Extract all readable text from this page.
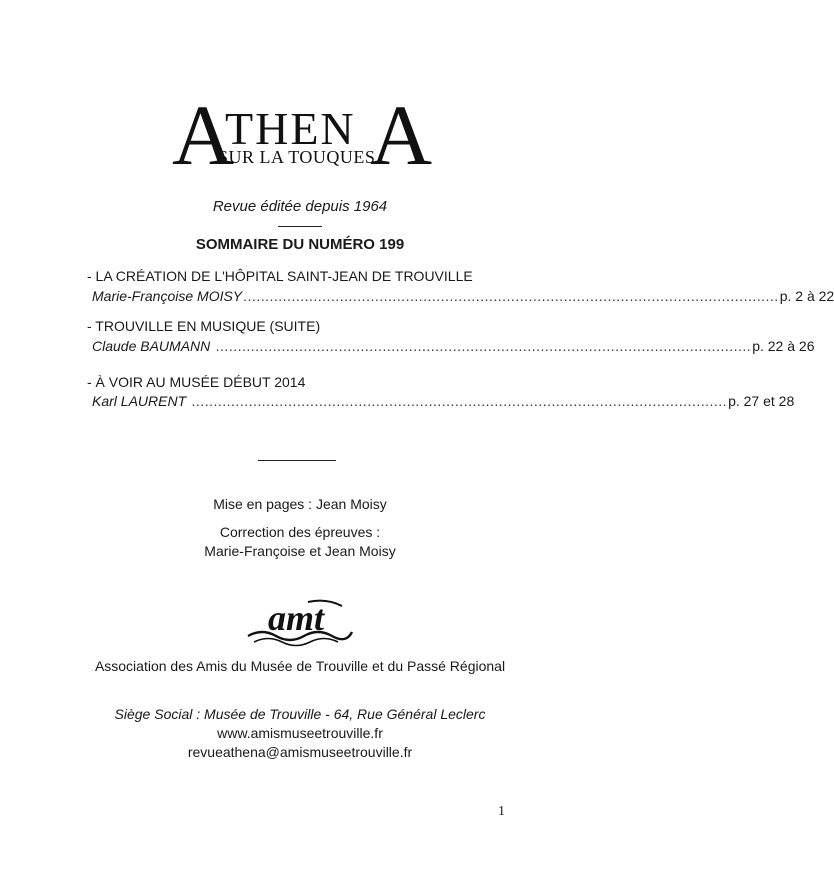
A
THEN A
SUR LA TOUQUES
Revue éditée depuis 1964
SOMMAIRE DU NUMÉRO 199
- LA CRÉATION DE L'HÔPITAL SAINT-JEAN DE TROUVILLE
Marie-Françoise MOISY .......................................................................................................................... p. 2 à 22
- TROUVILLE EN MUSIQUE (SUITE)
Claude BAUMANN .......................................................................................................................... p. 22 à 26
- À VOIR AU MUSÉE DÉBUT 2014
Karl LAURENT .......................................................................................................................... p. 27 et 28
Mise en pages : Jean Moisy
Correction des épreuves :
Marie-Françoise et Jean Moisy
amt
Association des Amis du Musée de Trouville et du Passé Régional
Siège Social : Musée de Trouville - 64, Rue Général Leclerc
www.amismuseetrouville.fr
revueathena@amismuseetrouville.fr
1
